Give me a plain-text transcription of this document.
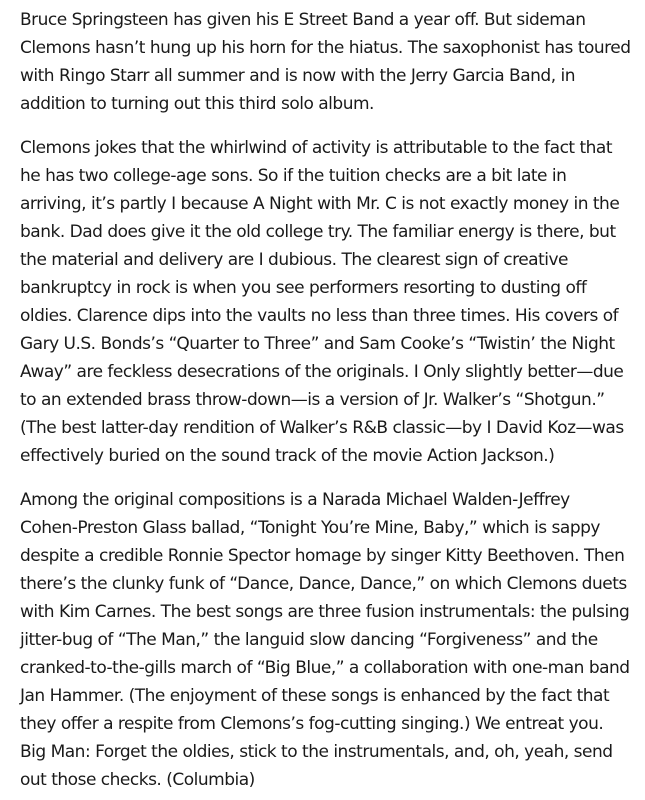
Bruce Springsteen has given his E Street Band a year off. But sideman Clemons hasn’t hung up his horn for the hiatus. The saxophonist has toured with Ringo Starr all summer and is now with the Jerry Garcia Band, in addition to turning out this third solo album.

Clemons jokes that the whirlwind of activity is attributable to the fact that he has two college-age sons. So if the tuition checks are a bit late in arriving, it’s partly I because A Night with Mr. C is not exactly money in the bank. Dad does give it the old college try. The familiar energy is there, but the material and delivery are I dubious. The clearest sign of creative bankruptcy in rock is when you see performers resorting to dusting off oldies. Clarence dips into the vaults no less than three times. His covers of Gary U.S. Bonds’s “Quarter to Three” and Sam Cooke’s “Twistin’ the Night Away” are feckless desecrations of the originals. I Only slightly better—due to an extended brass throw-down—is a version of Jr. Walker’s “Shotgun.” (The best latter-day rendition of Walker’s R&B classic—by I David Koz—was effectively buried on the sound track of the movie Action Jackson.)

Among the original compositions is a Narada Michael Walden-Jeffrey Cohen-Preston Glass ballad, “Tonight You’re Mine, Baby,” which is sappy despite a credible Ronnie Spector homage by singer Kitty Beethoven. Then there’s the clunky funk of “Dance, Dance, Dance,” on which Clemons duets with Kim Carnes. The best songs are three fusion instrumentals: the pulsing jitter-bug of “The Man,” the languid slow dancing “Forgiveness” and the cranked-to-the-gills march of “Big Blue,” a collaboration with one-man band Jan Hammer. (The enjoyment of these songs is enhanced by the fact that they offer a respite from Clemons’s fog-cutting singing.) We entreat you. Big Man: Forget the oldies, stick to the instrumentals, and, oh, yeah, send out those checks. (Columbia)
